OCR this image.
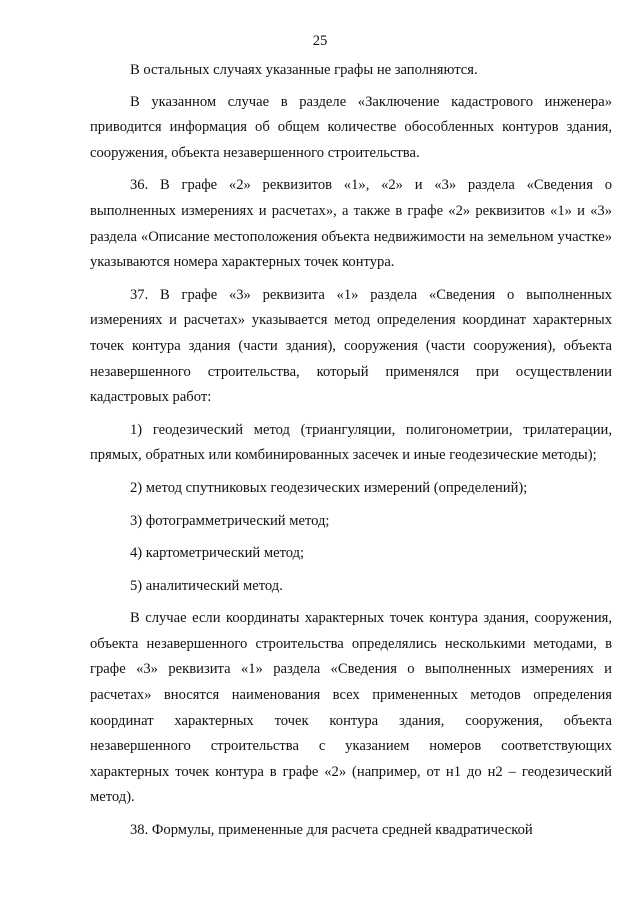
25

В остальных случаях указанные графы не заполняются.

В указанном случае в разделе «Заключение кадастрового инженера» приводится информация об общем количестве обособленных контуров здания, сооружения, объекта незавершенного строительства.

36. В графе «2» реквизитов «1», «2» и «3» раздела «Сведения о выполненных измерениях и расчетах», а также в графе «2» реквизитов «1» и «3» раздела «Описание местоположения объекта недвижимости на земельном участке» указываются номера характерных точек контура.

37. В графе «3» реквизита «1» раздела «Сведения о выполненных измерениях и расчетах» указывается метод определения координат характерных точек контура здания (части здания), сооружения (части сооружения), объекта незавершенного строительства, который применялся при осуществлении кадастровых работ:

1) геодезический метод (триангуляции, полигонометрии, трилатерации, прямых, обратных или комбинированных засечек и иные геодезические методы);

2) метод спутниковых геодезических измерений (определений);

3) фотограмметрический метод;

4) картометрический метод;

5) аналитический метод.

В случае если координаты характерных точек контура здания, сооружения, объекта незавершенного строительства определялись несколькими методами, в графе «3» реквизита «1» раздела «Сведения о выполненных измерениях и расчетах» вносятся наименования всех примененных методов определения координат характерных точек контура здания, сооружения, объекта незавершенного строительства с указанием номеров соответствующих характерных точек контура в графе «2» (например, от н1 до н2 – геодезический метод).

38. Формулы, примененные для расчета средней квадратической
